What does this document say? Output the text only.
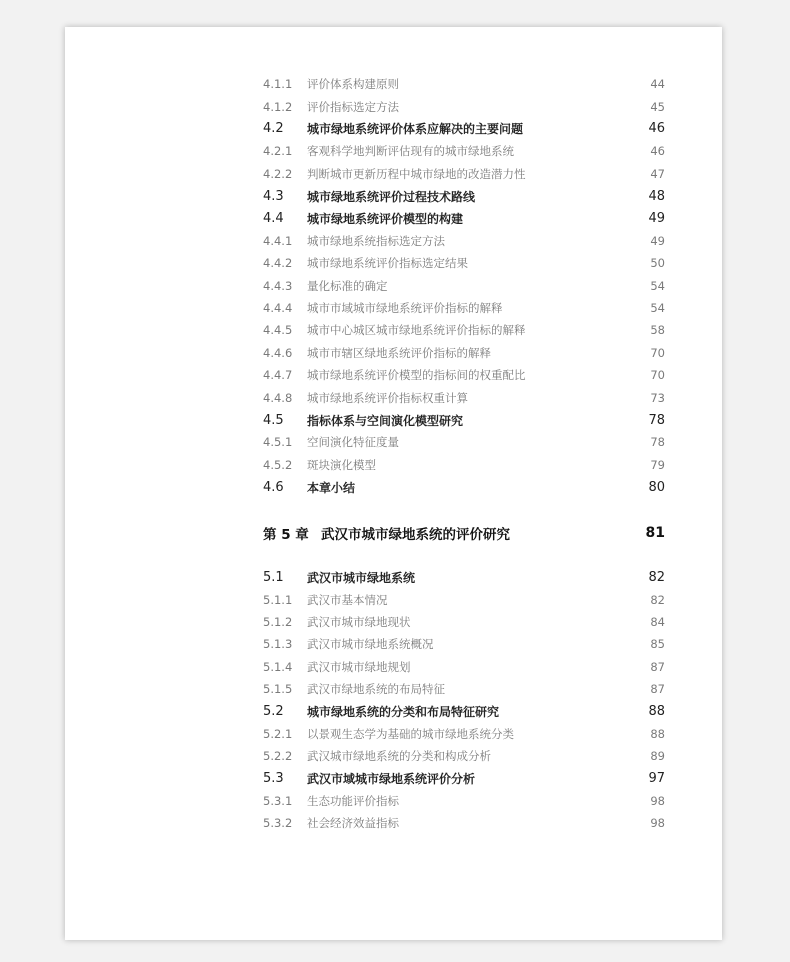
4.1.1	评价体系构建原则	44
4.1.2	评价指标选定方法	45
4.2	城市绿地系统评价体系应解决的主要问题	46
4.2.1	客观科学地判断评估现有的城市绿地系统	46
4.2.2	判断城市更新历程中城市绿地的改造潜力性	47
4.3	城市绿地系统评价过程技术路线	48
4.4	城市绿地系统评价模型的构建	49
4.4.1	城市绿地系统指标选定方法	49
4.4.2	城市绿地系统评价指标选定结果	50
4.4.3	量化标准的确定	54
4.4.4	城市市域城市绿地系统评价指标的解释	54
4.4.5	城市中心城区城市绿地系统评价指标的解释	58
4.4.6	城市市辖区绿地系统评价指标的解释	70
4.4.7	城市绿地系统评价模型的指标间的权重配比	70
4.4.8	城市绿地系统评价指标权重计算	73
4.5	指标体系与空间演化模型研究	78
4.5.1	空间演化特征度量	78
4.5.2	斑块演化模型	79
4.6	本章小结	80
第 5 章 武汉市城市绿地系统的评价研究	81
5.1	武汉市城市绿地系统	82
5.1.1	武汉市基本情况	82
5.1.2	武汉市城市绿地现状	84
5.1.3	武汉市城市绿地系统概况	85
5.1.4	武汉市城市绿地规划	87
5.1.5	武汉市绿地系统的布局特征	87
5.2	城市绿地系统的分类和布局特征研究	88
5.2.1	以景观生态学为基础的城市绿地系统分类	88
5.2.2	武汉城市绿地系统的分类和构成分析	89
5.3	武汉市域城市绿地系统评价分析	97
5.3.1	生态功能评价指标	98
5.3.2	社会经济效益指标	98
